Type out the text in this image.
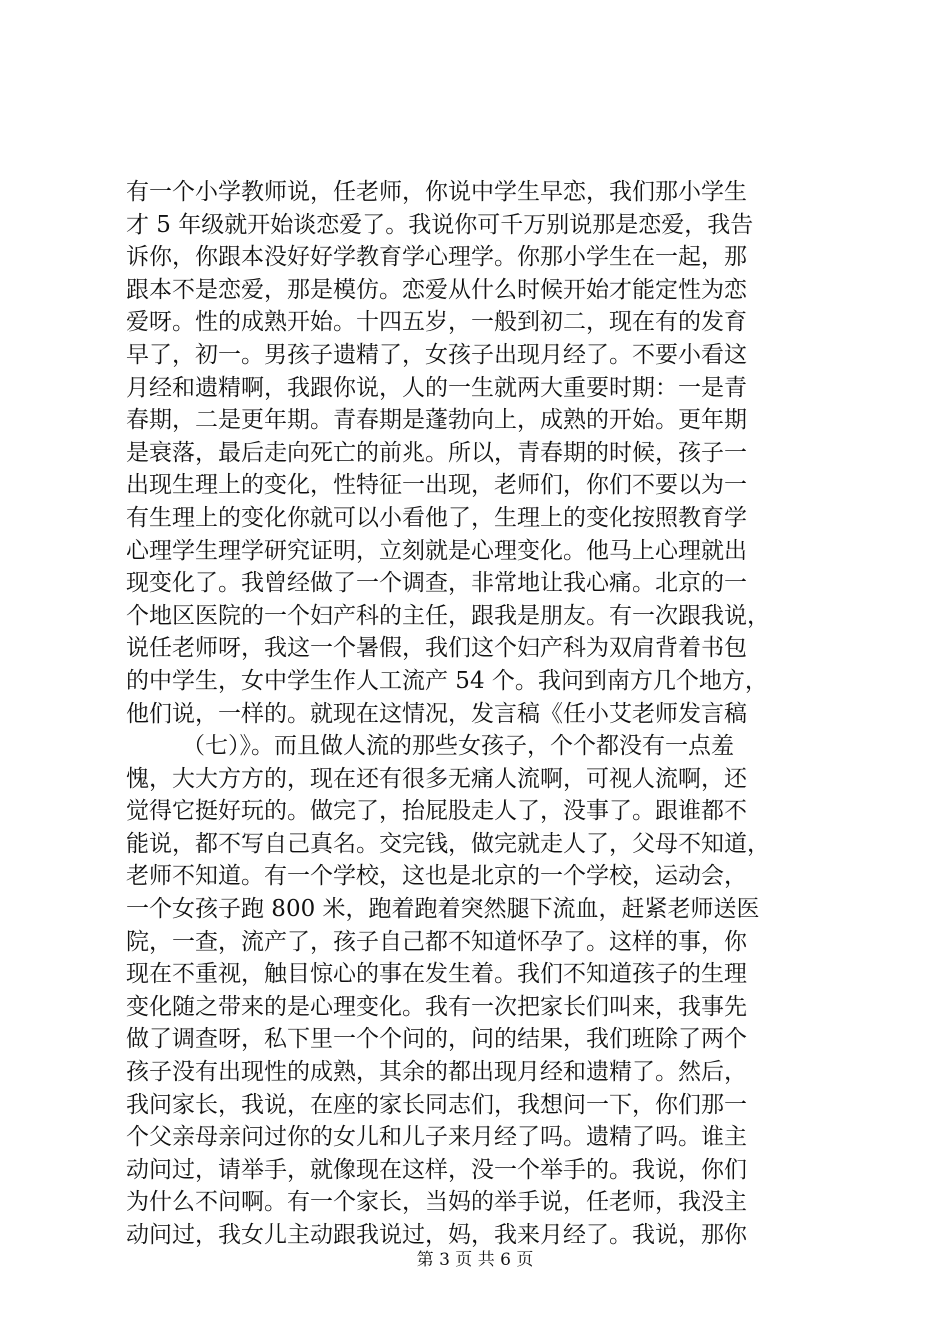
有一个小学教师说，任老师，你说中学生早恋，我们那小学生
才 5 年级就开始谈恋爱了。我说你可千万别说那是恋爱，我告
诉你，你跟本没好好学教育学心理学。你那小学生在一起，那
跟本不是恋爱，那是模仿。恋爱从什么时候开始才能定性为恋
爱呀。性的成熟开始。十四五岁，一般到初二，现在有的发育
早了，初一。男孩子遗精了，女孩子出现月经了。不要小看这
月经和遗精啊，我跟你说，人的一生就两大重要时期：一是青
春期，二是更年期。青春期是蓬勃向上，成熟的开始。更年期
是衰落，最后走向死亡的前兆。所以，青春期的时候，孩子一
出现生理上的变化，性特征一出现，老师们，你们不要以为一
有生理上的变化你就可以小看他了，生理上的变化按照教育学
心理学生理学研究证明，立刻就是心理变化。他马上心理就出
现变化了。我曾经做了一个调查，非常地让我心痛。北京的一
个地区医院的一个妇产科的主任，跟我是朋友。有一次跟我说，
说任老师呀，我这一个暑假，我们这个妇产科为双肩背着书包
的中学生，女中学生作人工流产 54 个。我问到南方几个地方，
他们说，一样的。就现在这情况，发言稿《任小艾老师发言稿
（七）》。而且做人流的那些女孩子，个个都没有一点羞
愧，大大方方的，现在还有很多无痛人流啊，可视人流啊，还
觉得它挺好玩的。做完了，抬屁股走人了，没事了。跟谁都不
能说，都不写自己真名。交完钱，做完就走人了，父母不知道，
老师不知道。有一个学校，这也是北京的一个学校，运动会，
一个女孩子跑 800 米，跑着跑着突然腿下流血，赶紧老师送医
院，一查，流产了，孩子自己都不知道怀孕了。这样的事，你
现在不重视，触目惊心的事在发生着。我们不知道孩子的生理
变化随之带来的是心理变化。我有一次把家长们叫来，我事先
做了调查呀，私下里一个个问的，问的结果，我们班除了两个
孩子没有出现性的成熟，其余的都出现月经和遗精了。然后，
我问家长，我说，在座的家长同志们，我想问一下，你们那一
个父亲母亲问过你的女儿和儿子来月经了吗。遗精了吗。谁主
动问过，请举手，就像现在这样，没一个举手的。我说，你们
为什么不问啊。有一个家长，当妈的举手说，任老师，我没主
动问过，我女儿主动跟我说过，妈，我来月经了。我说，那你
第 3 页 共 6 页
